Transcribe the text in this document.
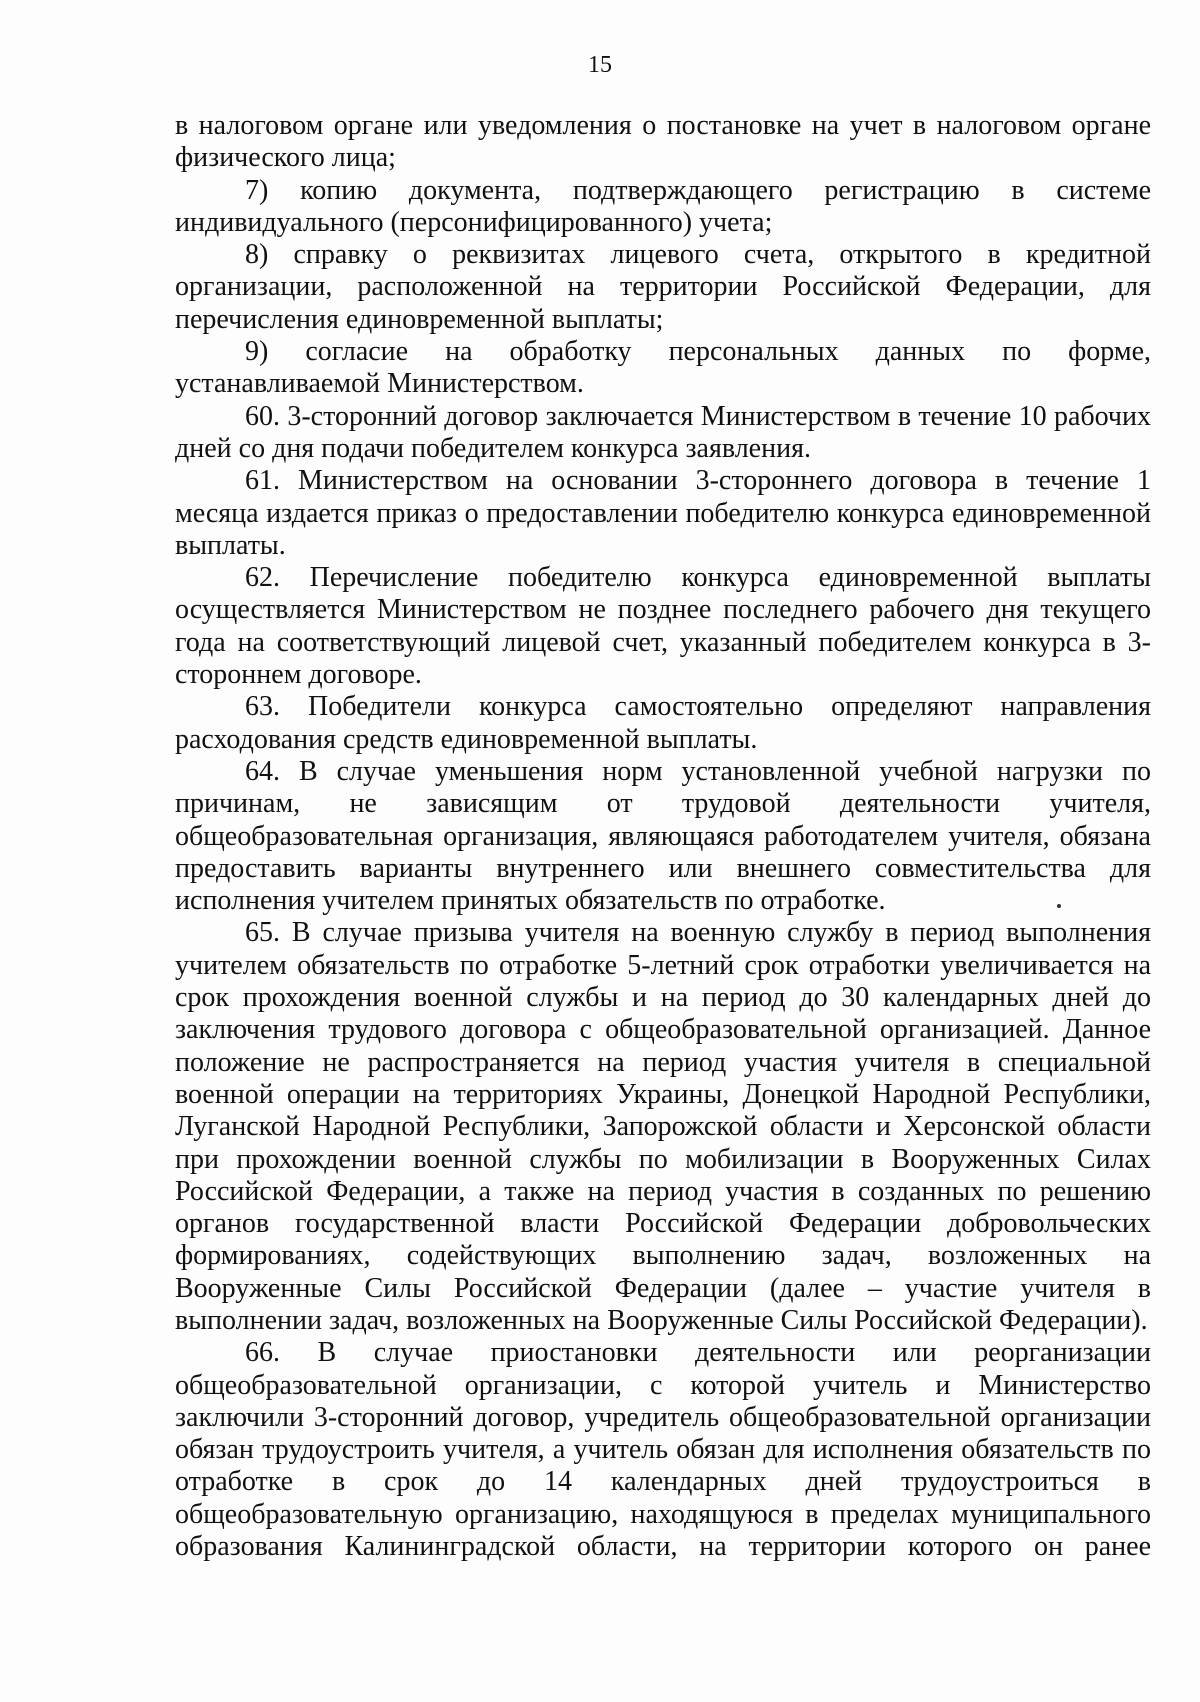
15

в налоговом органе или уведомления о постановке на учет в налоговом органе физического лица;

7) копию документа, подтверждающего регистрацию в системе индивидуального (персонифицированного) учета;

8) справку о реквизитах лицевого счета, открытого в кредитной организации, расположенной на территории Российской Федерации, для перечисления единовременной выплаты;

9) согласие на обработку персональных данных по форме, устанавливаемой Министерством.

60. 3-сторонний договор заключается Министерством в течение 10 рабочих дней со дня подачи победителем конкурса заявления.

61. Министерством на основании 3-стороннего договора в течение 1 месяца издается приказ о предоставлении победителю конкурса единовременной выплаты.

62. Перечисление победителю конкурса единовременной выплаты осуществляется Министерством не позднее последнего рабочего дня текущего года на соответствующий лицевой счет, указанный победителем конкурса в 3-стороннем договоре.

63. Победители конкурса самостоятельно определяют направления расходования средств единовременной выплаты.

64. В случае уменьшения норм установленной учебной нагрузки по причинам, не зависящим от трудовой деятельности учителя, общеобразовательная организация, являющаяся работодателем учителя, обязана предоставить варианты внутреннего или внешнего совместительства для исполнения учителем принятых обязательств по отработке.

65. В случае призыва учителя на военную службу в период выполнения учителем обязательств по отработке 5-летний срок отработки увеличивается на срок прохождения военной службы и на период до 30 календарных дней до заключения трудового договора с общеобразовательной организацией. Данное положение не распространяется на период участия учителя в специальной военной операции на территориях Украины, Донецкой Народной Республики, Луганской Народной Республики, Запорожской области и Херсонской области при прохождении военной службы по мобилизации в Вооруженных Силах Российской Федерации, а также на период участия в созданных по решению органов государственной власти Российской Федерации добровольческих формированиях, содействующих выполнению задач, возложенных на Вооруженные Силы Российской Федерации (далее – участие учителя в выполнении задач, возложенных на Вооруженные Силы Российской Федерации).

66. В случае приостановки деятельности или реорганизации общеобразовательной организации, с которой учитель и Министерство заключили 3-сторонний договор, учредитель общеобразовательной организации обязан трудоустроить учителя, а учитель обязан для исполнения обязательств по отработке в срок до 14 календарных дней трудоустроиться в общеобразовательную организацию, находящуюся в пределах муниципального образования Калининградской области, на территории которого он ранее
